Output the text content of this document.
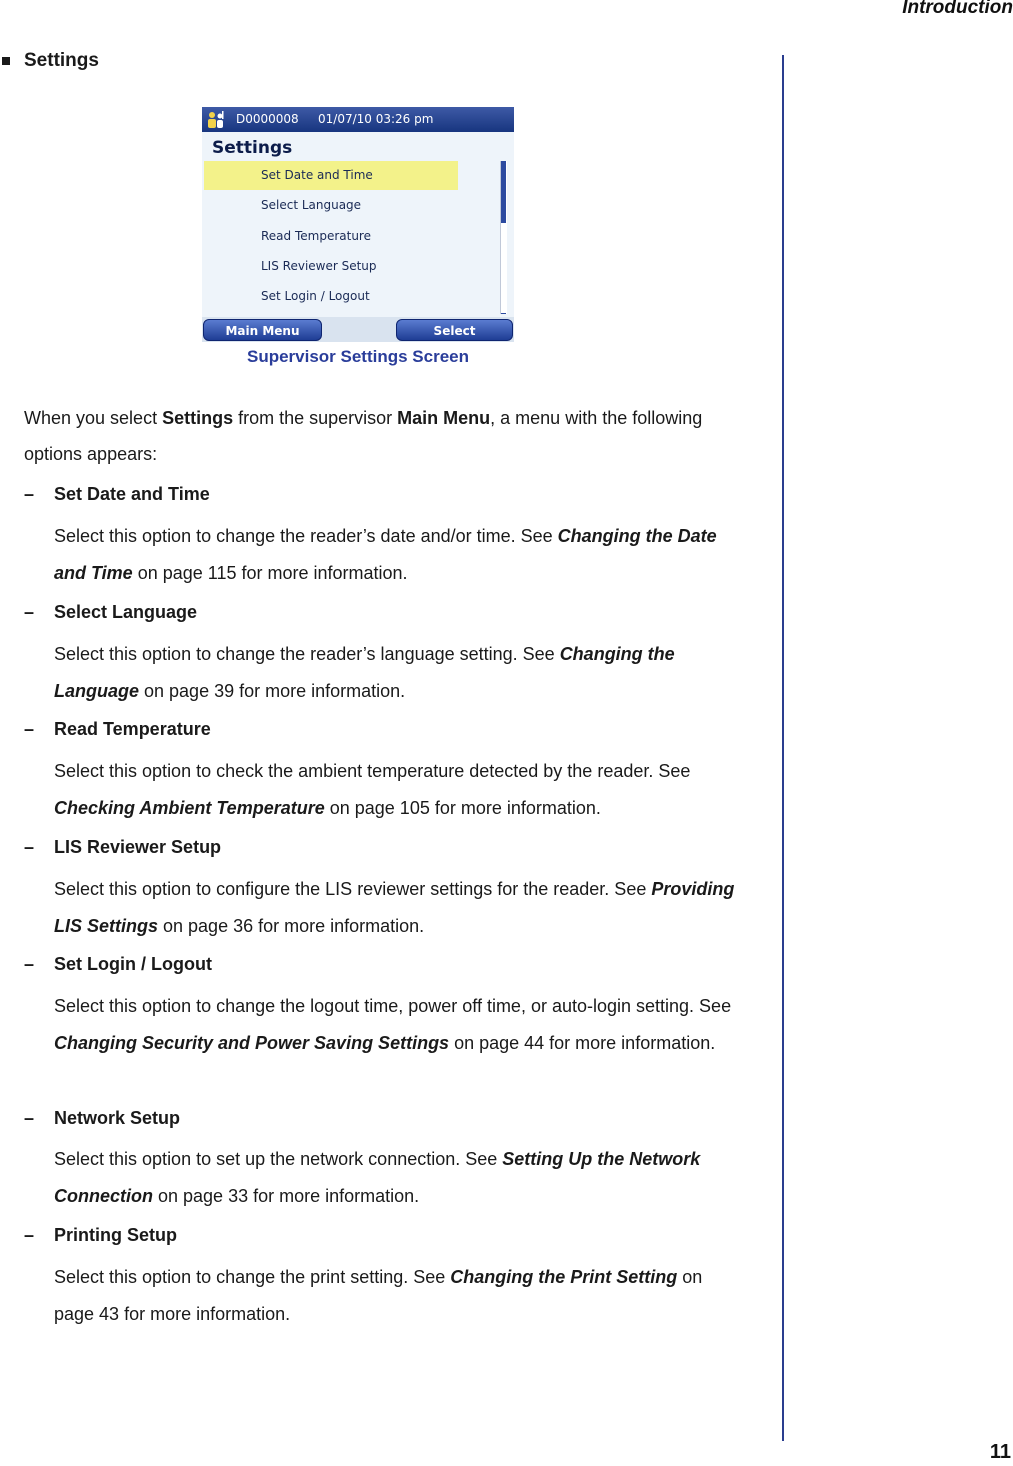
Introduction
Settings
D0000008 01/07/10 03:26 pm
Settings
Set Date and Time
Select Language
Read Temperature
LIS Reviewer Setup
Set Login / Logout
Main Menu	Select
Supervisor Settings Screen
When you select Settings from the supervisor Main Menu, a menu with the following options appears:
– Set Date and Time
Select this option to change the reader’s date and/or time. See Changing the Date and Time on page 115 for more information.
– Select Language
Select this option to change the reader’s language setting. See Changing the Language on page 39 for more information.
– Read Temperature
Select this option to check the ambient temperature detected by the reader. See Checking Ambient Temperature on page 105 for more information.
– LIS Reviewer Setup
Select this option to configure the LIS reviewer settings for the reader. See Providing LIS Settings on page 36 for more information.
– Set Login / Logout
Select this option to change the logout time, power off time, or auto-login setting. See Changing Security and Power Saving Settings on page 44 for more information.
– Network Setup
Select this option to set up the network connection. See Setting Up the Network Connection on page 33 for more information.
– Printing Setup
Select this option to change the print setting. See Changing the Print Setting on page 43 for more information.
11
